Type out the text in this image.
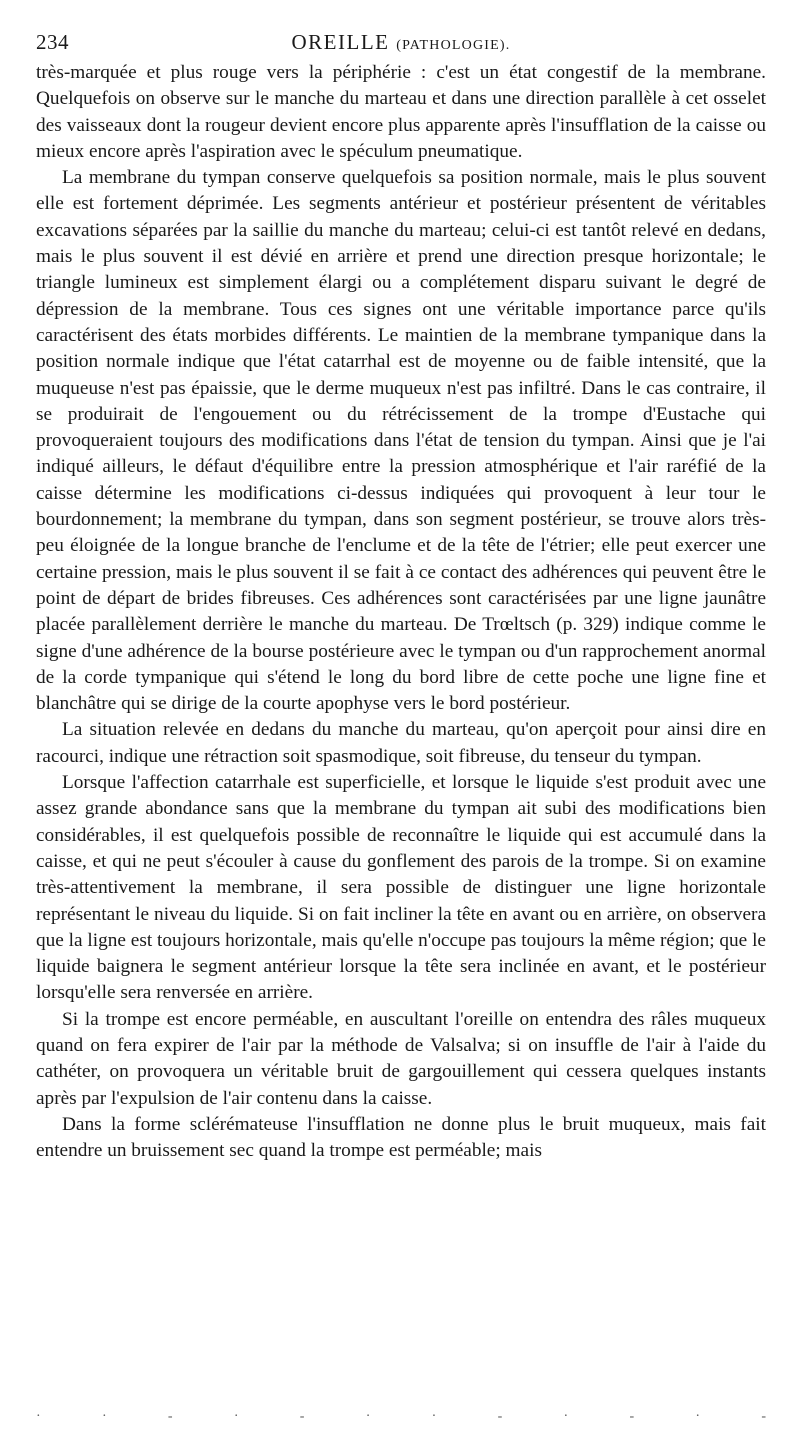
234	OREILLE (PATHOLOGIE).

très-marquée et plus rouge vers la périphérie : c'est un état congestif de la membrane. Quelquefois on observe sur le manche du marteau et dans une direction parallèle à cet osselet des vaisseaux dont la rougeur devient encore plus apparente après l'insufflation de la caisse ou mieux encore après l'aspiration avec le spéculum pneumatique.

La membrane du tympan conserve quelquefois sa position normale, mais le plus souvent elle est fortement déprimée. Les segments antérieur et postérieur présentent de véritables excavations séparées par la saillie du manche du marteau; celui-ci est tantôt relevé en dedans, mais le plus souvent il est dévié en arrière et prend une direction presque horizontale; le triangle lumineux est simplement élargi ou a complétement disparu suivant le degré de dépression de la membrane. Tous ces signes ont une véritable importance parce qu'ils caractérisent des états morbides différents. Le maintien de la membrane tympanique dans la position normale indique que l'état catarrhal est de moyenne ou de faible intensité, que la muqueuse n'est pas épaissie, que le derme muqueux n'est pas infiltré. Dans le cas contraire, il se produirait de l'engouement ou du rétrécissement de la trompe d'Eustache qui provoqueraient toujours des modifications dans l'état de tension du tympan. Ainsi que je l'ai indiqué ailleurs, le défaut d'équilibre entre la pression atmosphérique et l'air raréfié de la caisse détermine les modifications ci-dessus indiquées qui provoquent à leur tour le bourdonnement; la membrane du tympan, dans son segment postérieur, se trouve alors très-peu éloignée de la longue branche de l'enclume et de la tête de l'étrier; elle peut exercer une certaine pression, mais le plus souvent il se fait à ce contact des adhérences qui peuvent être le point de départ de brides fibreuses. Ces adhérences sont caractérisées par une ligne jaunâtre placée parallèlement derrière le manche du marteau. De Trœltsch (p. 329) indique comme le signe d'une adhérence de la bourse postérieure avec le tympan ou d'un rapprochement anormal de la corde tympanique qui s'étend le long du bord libre de cette poche une ligne fine et blanchâtre qui se dirige de la courte apophyse vers le bord postérieur.

La situation relevée en dedans du manche du marteau, qu'on aperçoit pour ainsi dire en racourci, indique une rétraction soit spasmodique, soit fibreuse, du tenseur du tympan.

Lorsque l'affection catarrhale est superficielle, et lorsque le liquide s'est produit avec une assez grande abondance sans que la membrane du tympan ait subi des modifications bien considérables, il est quelquefois possible de reconnaître le liquide qui est accumulé dans la caisse, et qui ne peut s'écouler à cause du gonflement des parois de la trompe. Si on examine très-attentivement la membrane, il sera possible de distinguer une ligne horizontale représentant le niveau du liquide. Si on fait incliner la tête en avant ou en arrière, on observera que la ligne est toujours horizontale, mais qu'elle n'occupe pas toujours la même région; que le liquide baignera le segment antérieur lorsque la tête sera inclinée en avant, et le postérieur lorsqu'elle sera renversée en arrière.

Si la trompe est encore perméable, en auscultant l'oreille on entendra des râles muqueux quand on fera expirer de l'air par la méthode de Valsalva; si on insuffle de l'air à l'aide du cathéter, on provoquera un véritable bruit de gargouillement qui cessera quelques instants après par l'expulsion de l'air contenu dans la caisse.

Dans la forme sclérémateuse l'insufflation ne donne plus le bruit muqueux, mais fait entendre un bruissement sec quand la trompe est perméable; mais

·	·	-	·	-	·	·	-	·	-	·	-
